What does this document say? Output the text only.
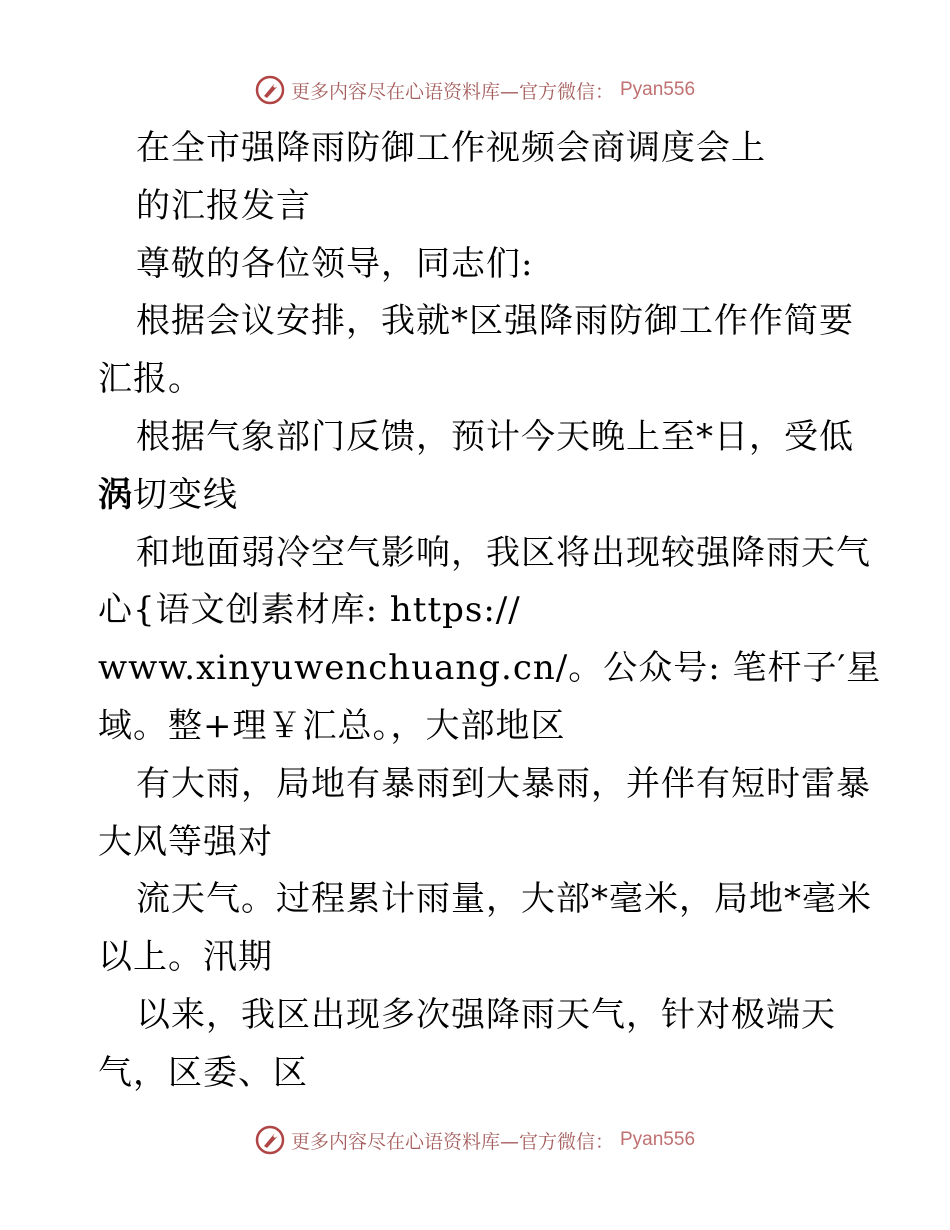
更多内容尽在心语资料库—官方微信： Pyan556
在全市强降雨防御工作视频会商调度会上
的汇报发言
尊敬的各位领导，同志们:
根据会议安排，我就*区强降雨防御工作作简要
汇报。
根据气象部门反馈，预计今天晚上至*日，受低
涡切变线
和地面弱冷空气影响，我区将出现较强降雨天气
心{语文创素材库: https://
www.xinyuwenchuang.cn/。公众号: 笔杆子′星
域。整+理￥汇总。，大部地区
有大雨，局地有暴雨到大暴雨，并伴有短时雷暴
大风等强对
流天气。过程累计雨量，大部*毫米，局地*毫米
以上。汛期
以来，我区出现多次强降雨天气，针对极端天
气，区委、区
更多内容尽在心语资料库—官方微信： Pyan556
